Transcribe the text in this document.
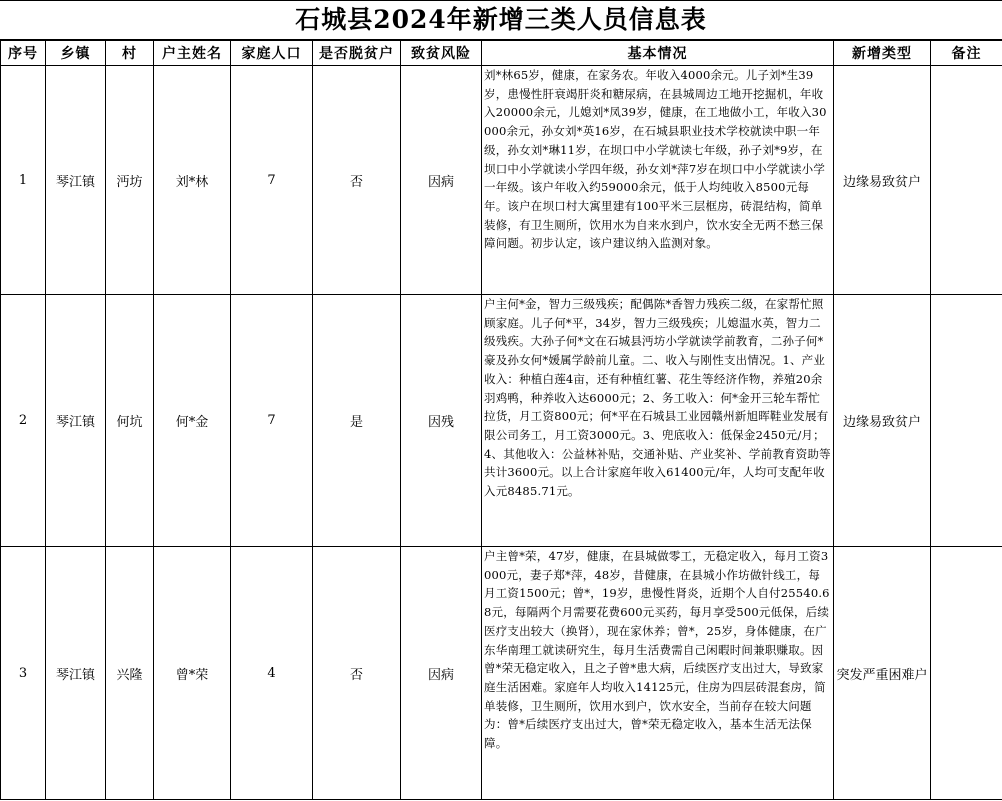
石城县2024年新增三类人员信息表
序号	乡镇	村	户主姓名	家庭人口	是否脱贫户	致贫风险	基本情况	新增类型	备注
1	琴江镇	沔坊	刘*林	7	否	因病	刘*林65岁，健康，在家务农。年收入4000余元。儿子刘*生39岁，患慢性肝衰竭肝炎和糖尿病，在县城周边工地开挖掘机，年收入20000余元，儿媳刘*凤39岁，健康，在工地做小工，年收入30000余元，孙女刘*英16岁，在石城县职业技术学校就读中职一年级，孙女刘*琳11岁，在坝口中小学就读七年级，孙子刘*9岁，在坝口中小学就读小学四年级，孙女刘*萍7岁在坝口中小学就读小学一年级。该户年收入约59000余元，低于人均纯收入8500元每年。该户在坝口村大寓里建有100平米三层框房，砖混结构，简单装修，有卫生厕所，饮用水为自来水到户，饮水安全无两不愁三保障问题。初步认定，该户建议纳入监测对象。	边缘易致贫户	
2	琴江镇	何坑	何*金	7	是	因残	户主何*金，智力三级残疾；配偶陈*香智力残疾二级，在家帮忙照顾家庭。儿子何*平，34岁，智力三级残疾；儿媳温水英，智力二级残疾。大孙子何*文在石城县沔坊小学就读学前教育，二孙子何*豪及孙女何*媛属学龄前儿童。二、收入与刚性支出情况。1、产业收入：种植白莲4亩，还有种植红薯、花生等经济作物，养殖20余羽鸡鸭，种养收入达6000元；2、务工收入：何*金开三轮车帮忙拉货，月工资800元；何*平在石城县工业园赣州新旭晖鞋业发展有限公司务工，月工资3000元。3、兜底收入：低保金2450元/月；4、其他收入：公益林补贴，交通补贴、产业奖补、学前教育资助等共计3600元。以上合计家庭年收入61400元/年，人均可支配年收入元8485.71元。	边缘易致贫户	
3	琴江镇	兴隆	曾*荣	4	否	因病	户主曾*荣，47岁，健康，在县城做零工，无稳定收入，每月工资3000元，妻子郑*萍，48岁，昔健康，在县城小作坊做针线工，每月工资1500元；曾*，19岁，患慢性肾炎，近期个人自付25540.68元，每隔两个月需要花费600元买药，每月享受500元低保，后续医疗支出较大（换肾），现在家休养；曾*，25岁，身体健康，在广东华南理工就读研究生，每月生活费需自己闲暇时间兼职赚取。因曾*荣无稳定收入，且之子曾*患大病，后续医疗支出过大，导致家庭生活困难。家庭年人均收入14125元，住房为四层砖混套房，简单装修，卫生厕所，饮用水到户，饮水安全，当前存在较大问题为：曾*后续医疗支出过大，曾*荣无稳定收入，基本生活无法保障。	突发严重困难户	
